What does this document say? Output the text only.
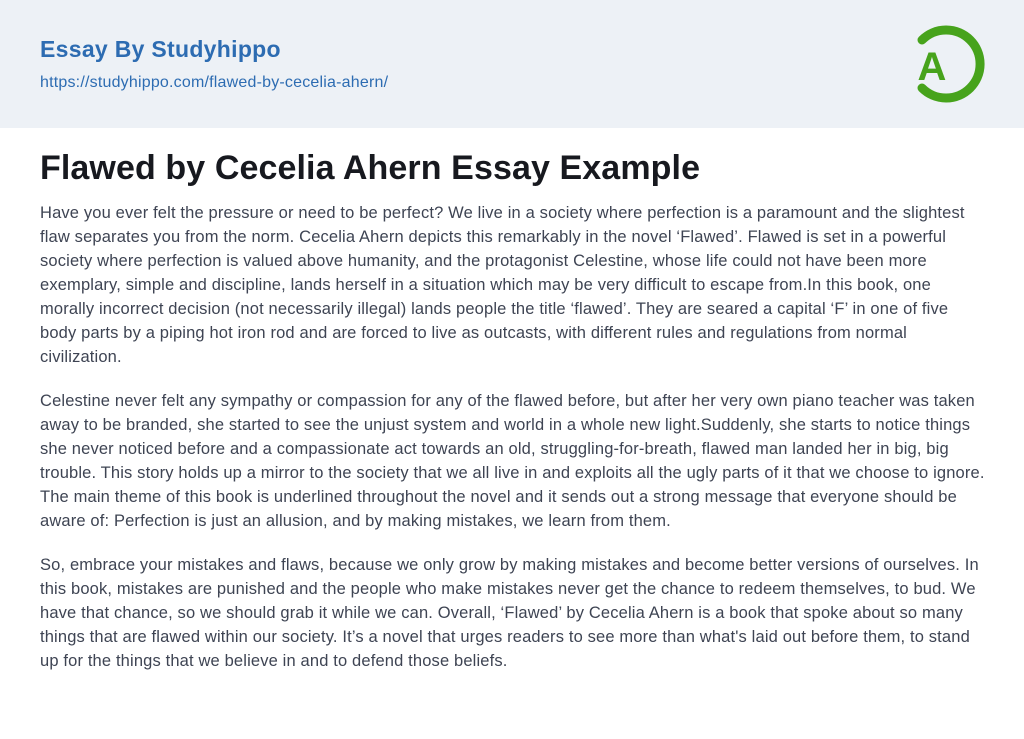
Essay By Studyhippo
https://studyhippo.com/flawed-by-cecelia-ahern/	A
Flawed by Cecelia Ahern Essay Example

Have you ever felt the pressure or need to be perfect? We live in a society where perfection is a paramount and the slightest flaw separates you from the norm. Cecelia Ahern depicts this remarkably in the novel ‘Flawed’. Flawed is set in a powerful society where perfection is valued above humanity, and the protagonist Celestine, whose life could not have been more exemplary, simple and discipline, lands herself in a situation which may be very difficult to escape from.In this book, one morally incorrect decision (not necessarily illegal) lands people the title ‘flawed’. They are seared a capital ‘F’ in one of five body parts by a piping hot iron rod and are forced to live as outcasts, with different rules and regulations from normal civilization.

Celestine never felt any sympathy or compassion for any of the flawed before, but after her very own piano teacher was taken away to be branded, she started to see the unjust system and world in a whole new light.Suddenly, she starts to notice things she never noticed before and a compassionate act towards an old, struggling-for-breath, flawed man landed her in big, big trouble. This story holds up a mirror to the society that we all live in and exploits all the ugly parts of it that we choose to ignore. The main theme of this book is underlined throughout the novel and it sends out a strong message that everyone should be aware of: Perfection is just an allusion, and by making mistakes, we learn from them.

So, embrace your mistakes and flaws, because we only grow by making mistakes and become better versions of ourselves. In this book, mistakes are punished and the people who make mistakes never get the chance to redeem themselves, to bud. We have that chance, so we should grab it while we can. Overall, ‘Flawed’ by Cecelia Ahern is a book that spoke about so many things that are flawed within our society. It’s a novel that urges readers to see more than what's laid out before them, to stand up for the things that we believe in and to defend those beliefs.
